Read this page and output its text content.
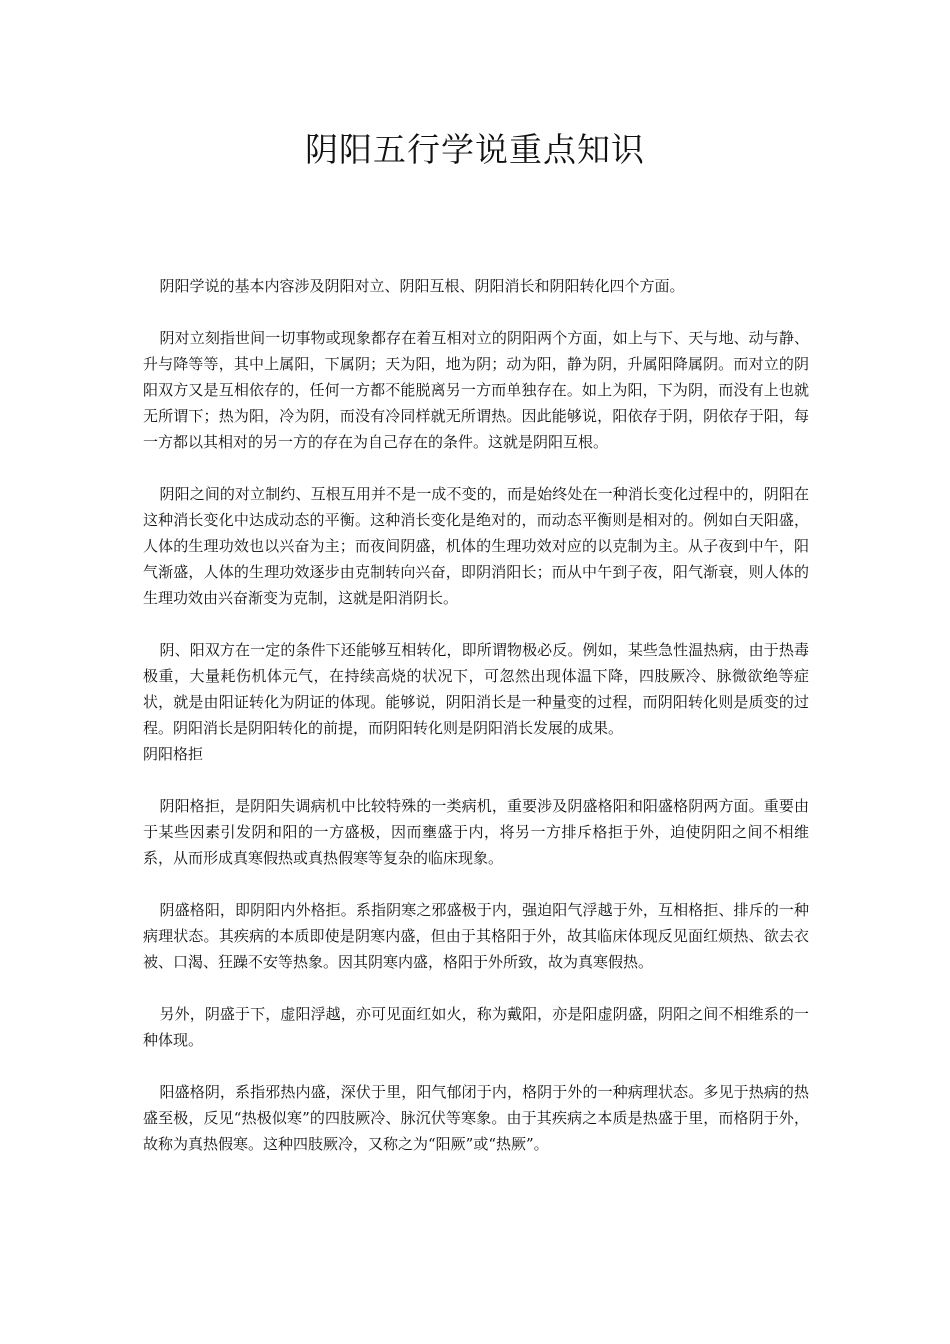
阴阳五行学说重点知识

阴阳学说的基本内容涉及阴阳对立、阴阳互根、阴阳消长和阴阳转化四个方面。

阴对立刻指世间一切事物或现象都存在着互相对立的阴阳两个方面，如上与下、天与地、动与静、升与降等等，其中上属阳，下属阴；天为阳，地为阴；动为阳，静为阴，升属阳降属阴。而对立的阴阳双方又是互相依存的，任何一方都不能脱离另一方而单独存在。如上为阳，下为阴，而没有上也就无所谓下；热为阳，冷为阴，而没有冷同样就无所谓热。因此能够说，阳依存于阴，阴依存于阳，每一方都以其相对的另一方的存在为自己存在的条件。这就是阴阳互根。

阴阳之间的对立制约、互根互用并不是一成不变的，而是始终处在一种消长变化过程中的，阴阳在这种消长变化中达成动态的平衡。这种消长变化是绝对的，而动态平衡则是相对的。例如白天阳盛，人体的生理功效也以兴奋为主；而夜间阴盛，机体的生理功效对应的以克制为主。从子夜到中午，阳气渐盛，人体的生理功效逐步由克制转向兴奋，即阴消阳长；而从中午到子夜，阳气渐衰，则人体的生理功效由兴奋渐变为克制，这就是阳消阴长。

阴、阳双方在一定的条件下还能够互相转化，即所谓物极必反。例如，某些急性温热病，由于热毒极重，大量耗伤机体元气，在持续高烧的状况下，可忽然出现体温下降，四肢厥冷、脉微欲绝等症状，就是由阳证转化为阴证的体现。能够说，阴阳消长是一种量变的过程，而阴阳转化则是质变的过程。阴阳消长是阴阳转化的前提，而阴阳转化则是阴阳消长发展的成果。

阴阳格拒

阴阳格拒，是阴阳失调病机中比较特殊的一类病机，重要涉及阴盛格阳和阳盛格阴两方面。重要由于某些因素引发阴和阳的一方盛极，因而壅盛于内，将另一方排斥格拒于外，迫使阴阳之间不相维系，从而形成真寒假热或真热假寒等复杂的临床现象。

阴盛格阳，即阴阳内外格拒。系指阴寒之邪盛极于内，强迫阳气浮越于外，互相格拒、排斥的一种病理状态。其疾病的本质即使是阴寒内盛，但由于其格阳于外，故其临床体现反见面红烦热、欲去衣被、口渴、狂躁不安等热象。因其阴寒内盛，格阳于外所致，故为真寒假热。

另外，阴盛于下，虚阳浮越，亦可见面红如火，称为戴阳，亦是阳虚阴盛，阴阳之间不相维系的一种体现。

阳盛格阴，系指邪热内盛，深伏于里，阳气郁闭于内，格阴于外的一种病理状态。多见于热病的热盛至极，反见“热极似寒”的四肢厥冷、脉沉伏等寒象。由于其疾病之本质是热盛于里，而格阴于外，故称为真热假寒。这种四肢厥冷，又称之为“阳厥”或“热厥”。
